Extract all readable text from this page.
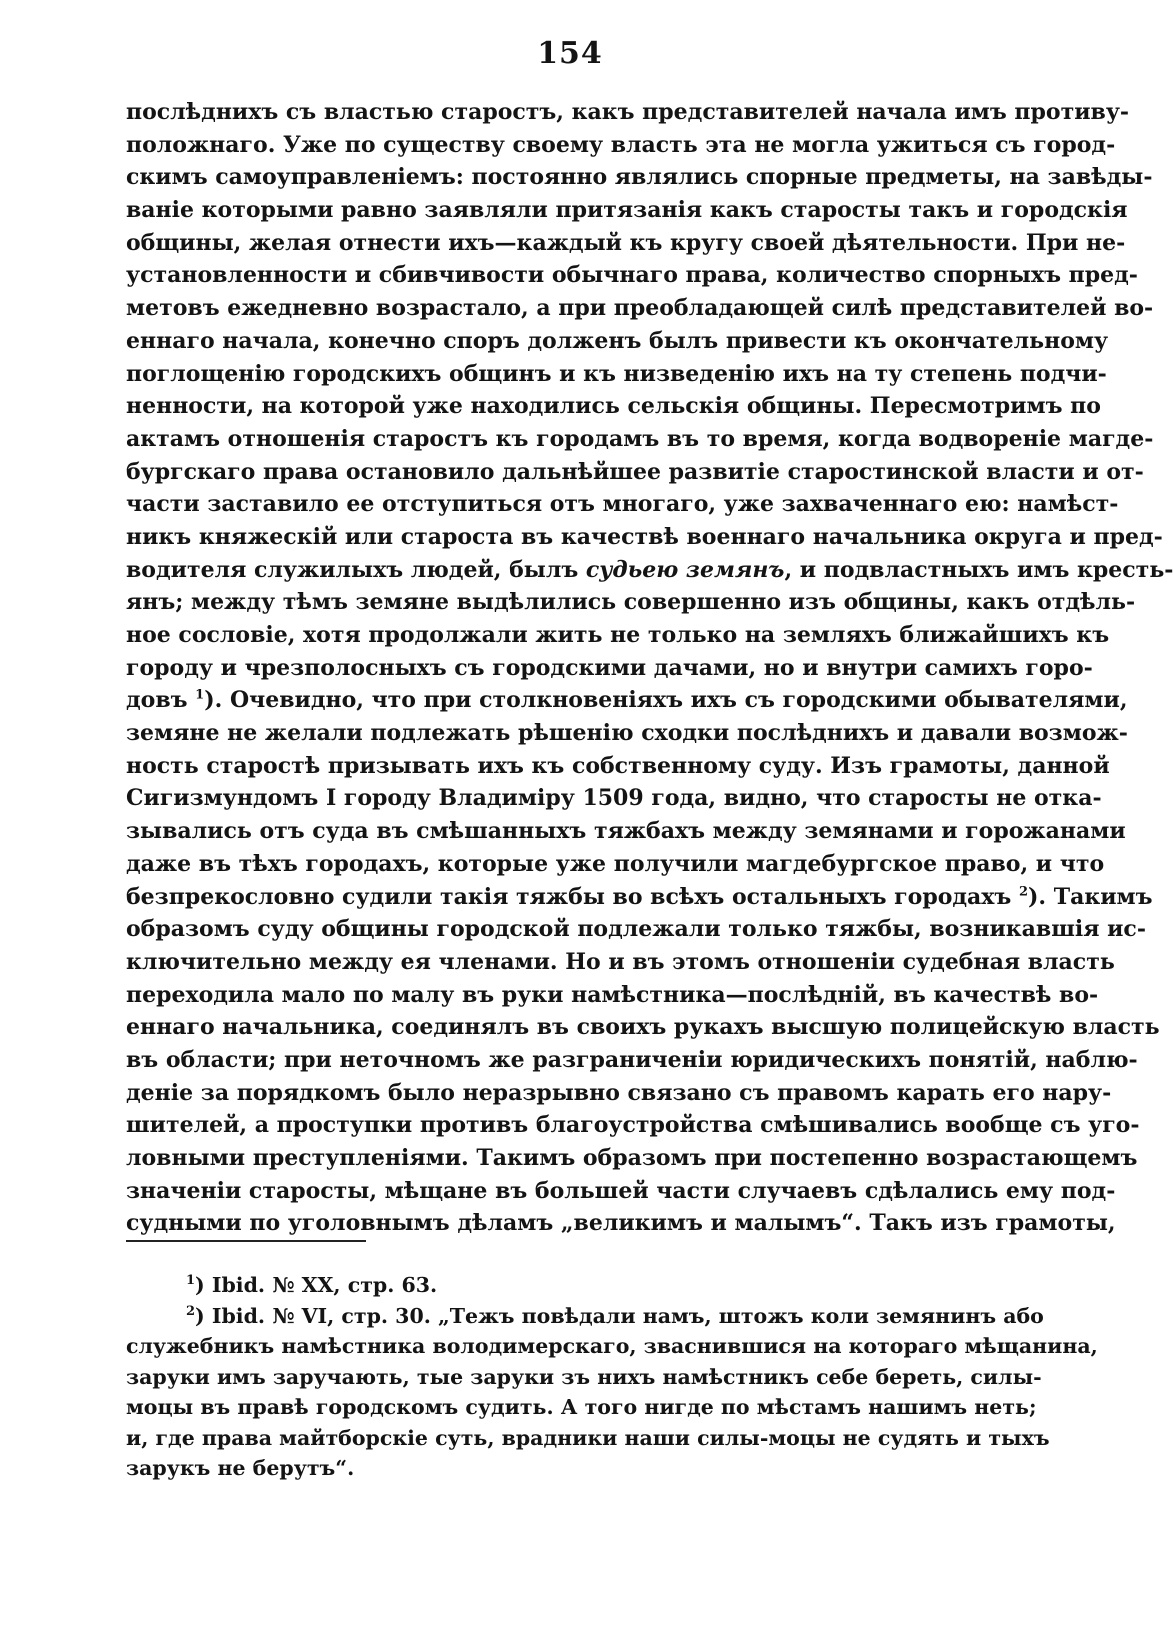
154
послѣднихъ съ властью старостъ, какъ представителей начала имъ противу-
положнаго. Уже по существу своему власть эта не могла ужиться съ город-
скимъ самоуправленіемъ: постоянно являлись спорные предметы, на завѣды-
ваніе которыми равно заявляли притязанія какъ старосты такъ и городскія
общины, желая отнести ихъ—каждый къ кругу своей дѣятельности. При не-
установленности и сбивчивости обычнаго права, количество спорныхъ пред-
метовъ ежедневно возрастало, а при преобладающей силѣ представителей во-
еннаго начала, конечно споръ долженъ былъ привести къ окончательному
поглощенію городскихъ общинъ и къ низведенію ихъ на ту степень подчи-
ненности, на которой уже находились сельскія общины. Пересмотримъ по
актамъ отношенія старостъ къ городамъ въ то время, когда водвореніе магде-
бургскаго права остановило дальнѣйшее развитіе старостинской власти и от-
части заставило ее отступиться отъ многаго, уже захваченнаго ею: намѣст-
никъ княжескій или староста въ качествѣ военнаго начальника округа и пред-
водителя служилыхъ людей, былъ судьею земянъ, и подвластныхъ имъ кресть-
янъ; между тѣмъ земяне выдѣлились совершенно изъ общины, какъ отдѣль-
ное сословіе, хотя продолжали жить не только на земляхъ ближайшихъ къ
городу и чрезполосныхъ съ городскими дачами, но и внутри самихъ горо-
довъ $^1$). Очевидно, что при столкновеніяхъ ихъ съ городскими обывателями,
земяне не желали подлежать рѣшенію сходки послѣднихъ и давали возмож-
ность старостѣ призывать ихъ къ собственному суду. Изъ грамоты, данной
Сигизмундомъ I городу Владиміру 1509 года, видно, что старосты не отка-
зывались отъ суда въ смѣшанныхъ тяжбахъ между земянами и горожанами
даже въ тѣхъ городахъ, которые уже получили магдебургское право, и что
безпрекословно судили такія тяжбы во всѣхъ остальныхъ городахъ $^2$). Такимъ
образомъ суду общины городской подлежали только тяжбы, возникавшія ис-
ключительно между ея членами. Но и въ этомъ отношеніи судебная власть
переходила мало по малу въ руки намѣстника—послѣдній, въ качествѣ во-
еннаго начальника, соединялъ въ своихъ рукахъ высшую полицейскую власть
въ области; при неточномъ же разграниченіи юридическихъ понятій, наблю-
деніе за порядкомъ было неразрывно связано съ правомъ карать его нару-
шителей, а проступки противъ благоустройства смѣшивались вообще съ уго-
ловными преступленіями. Такимъ образомъ при постепенно возрастающемъ
значеніи старосты, мѣщане въ большей части случаевъ сдѣлались ему под-
судными по уголовнымъ дѣламъ „великимъ и малымъ“. Такъ изъ грамоты,
$^1$) Ibid. № XX, стр. 63.
$^2$) Ibid. № VI, стр. 30. „Тежъ повѣдали намъ, штожъ коли земянинъ або
служебникъ намѣстника володимерскаго, зваснившися на котораго мѣщанина,
заруки имъ заручають, тые заруки зъ нихъ намѣстникъ себе береть, силы-
моцы въ правѣ городскомъ судить. А того нигде по мѣстамъ нашимъ неть;
и, где права майтборскіе суть, врадники наши силы-моцы не судять и тыхъ
зарукъ не берутъ“.
